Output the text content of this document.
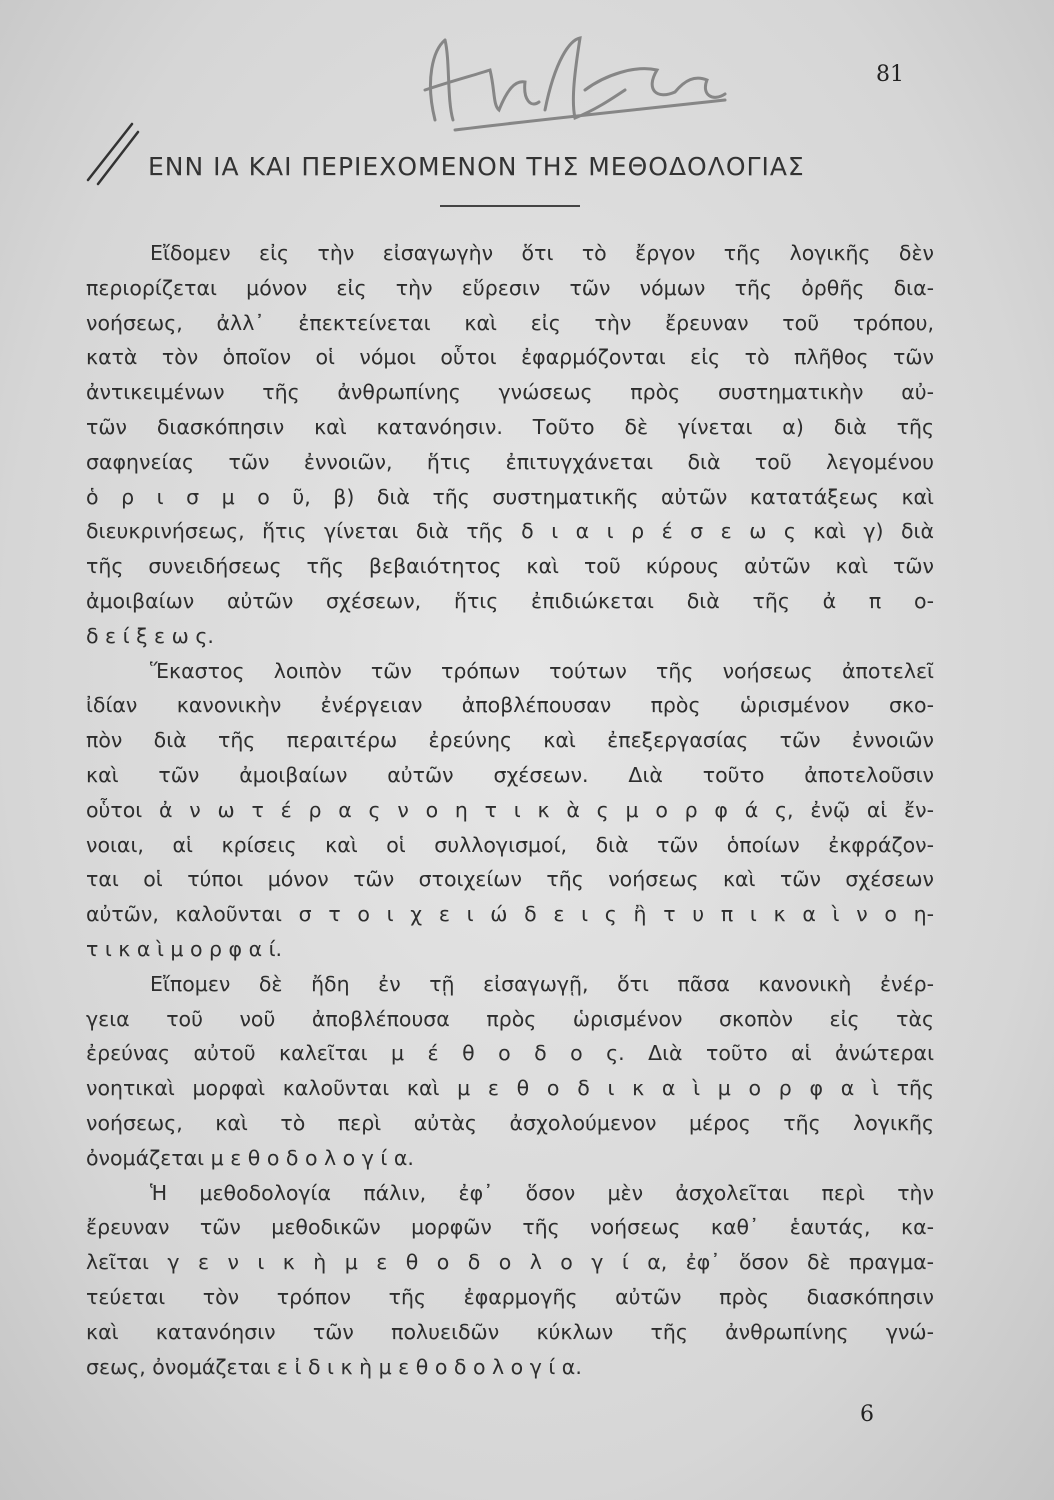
81
ΕΝΝ ΙΑ ΚΑΙ ΠΕΡΙΕΧΟΜΕΝΟΝ ΤΗΣ ΜΕΘΟΔΟΛΟΓΙΑΣ
Εἴδομεν εἰς τὴν εἰσαγωγὴν ὅτι τὸ ἔργον τῆς λογικῆς δὲν
περιορίζεται μόνον εἰς τὴν εὕρεσιν τῶν νόμων τῆς ὀρθῆς δια-
νοήσεως, ἀλλ᾿ ἐπεκτείνεται καὶ εἰς τὴν ἔρευναν τοῦ τρόπου,
κατὰ τὸν ὁποῖον οἱ νόμοι οὗτοι ἐφαρμόζονται εἰς τὸ πλῆθος τῶν
ἀντικειμένων τῆς ἀνθρωπίνης γνώσεως πρὸς συστηματικὴν αὐ-
τῶν διασκόπησιν καὶ κατανόησιν. Τοῦτο δὲ γίνεται α) διὰ τῆς
σαφηνείας τῶν ἐννοιῶν, ἥτις ἐπιτυγχάνεται διὰ τοῦ λεγομένου
ὁ ρ ι σ μ ο ῦ, β) διὰ τῆς συστηματικῆς αὐτῶν κατατάξεως καὶ
διευκρινήσεως, ἥτις γίνεται διὰ τῆς δ ι α ι ρ έ σ ε ω ς καὶ γ) διὰ
τῆς συνειδήσεως τῆς βεβαιότητος καὶ τοῦ κύρους αὐτῶν καὶ τῶν
ἀμοιβαίων αὐτῶν σχέσεων, ἥτις ἐπιδιώκεται διὰ τῆς ἀ π ο-
δ ε ί ξ ε ω ς.
Ἕκαστος λοιπὸν τῶν τρόπων τούτων τῆς νοήσεως ἀποτελεῖ
ἰδίαν κανονικὴν ἐνέργειαν ἀποβλέπουσαν πρὸς ὡρισμένον σκο-
πὸν διὰ τῆς περαιτέρω ἐρεύνης καὶ ἐπεξεργασίας τῶν ἐννοιῶν
καὶ τῶν ἀμοιβαίων αὐτῶν σχέσεων. Διὰ τοῦτο ἀποτελοῦσιν
οὗτοι ἀ ν ω τ έ ρ α ς ν ο η τ ι κ ὰ ς μ ο ρ φ ά ς, ἐνῷ αἱ ἔν-
νοιαι, αἱ κρίσεις καὶ οἱ συλλογισμοί, διὰ τῶν ὁποίων ἐκφράζον-
ται οἱ τύποι μόνον τῶν στοιχείων τῆς νοήσεως καὶ τῶν σχέσεων
αὐτῶν, καλοῦνται σ τ ο ι χ ε ι ώ δ ε ι ς ἢ τ υ π ι κ α ὶ ν ο η-
τ ι κ α ὶ μ ο ρ φ α ί.
Εἴπομεν δὲ ἤδη ἐν τῇ εἰσαγωγῇ, ὅτι πᾶσα κανονικὴ ἐνέρ-
γεια τοῦ νοῦ ἀποβλέπουσα πρὸς ὡρισμένον σκοπὸν εἰς τὰς
ἐρεύνας αὐτοῦ καλεῖται μ έ θ ο δ ο ς. Διὰ τοῦτο αἱ ἀνώτεραι
νοητικαὶ μορφαὶ καλοῦνται καὶ μ ε θ ο δ ι κ α ὶ μ ο ρ φ α ὶ τῆς
νοήσεως, καὶ τὸ περὶ αὐτὰς ἀσχολούμενον μέρος τῆς λογικῆς
ὀνομάζεται μ ε θ ο δ ο λ ο γ ί α.
Ἡ μεθοδολογία πάλιν, ἐφ᾿ ὅσον μὲν ἀσχολεῖται περὶ τὴν
ἔρευναν τῶν μεθοδικῶν μορφῶν τῆς νοήσεως καθ᾿ ἑαυτάς, κα-
λεῖται γ ε ν ι κ ὴ μ ε θ ο δ ο λ ο γ ί α, ἐφ᾿ ὅσον δὲ πραγμα-
τεύεται τὸν τρόπον τῆς ἐφαρμογῆς αὐτῶν πρὸς διασκόπησιν
καὶ κατανόησιν τῶν πολυειδῶν κύκλων τῆς ἀνθρωπίνης γνώ-
σεως, ὀνομάζεται ε ἰ δ ι κ ὴ μ ε θ ο δ ο λ ο γ ί α.
6
